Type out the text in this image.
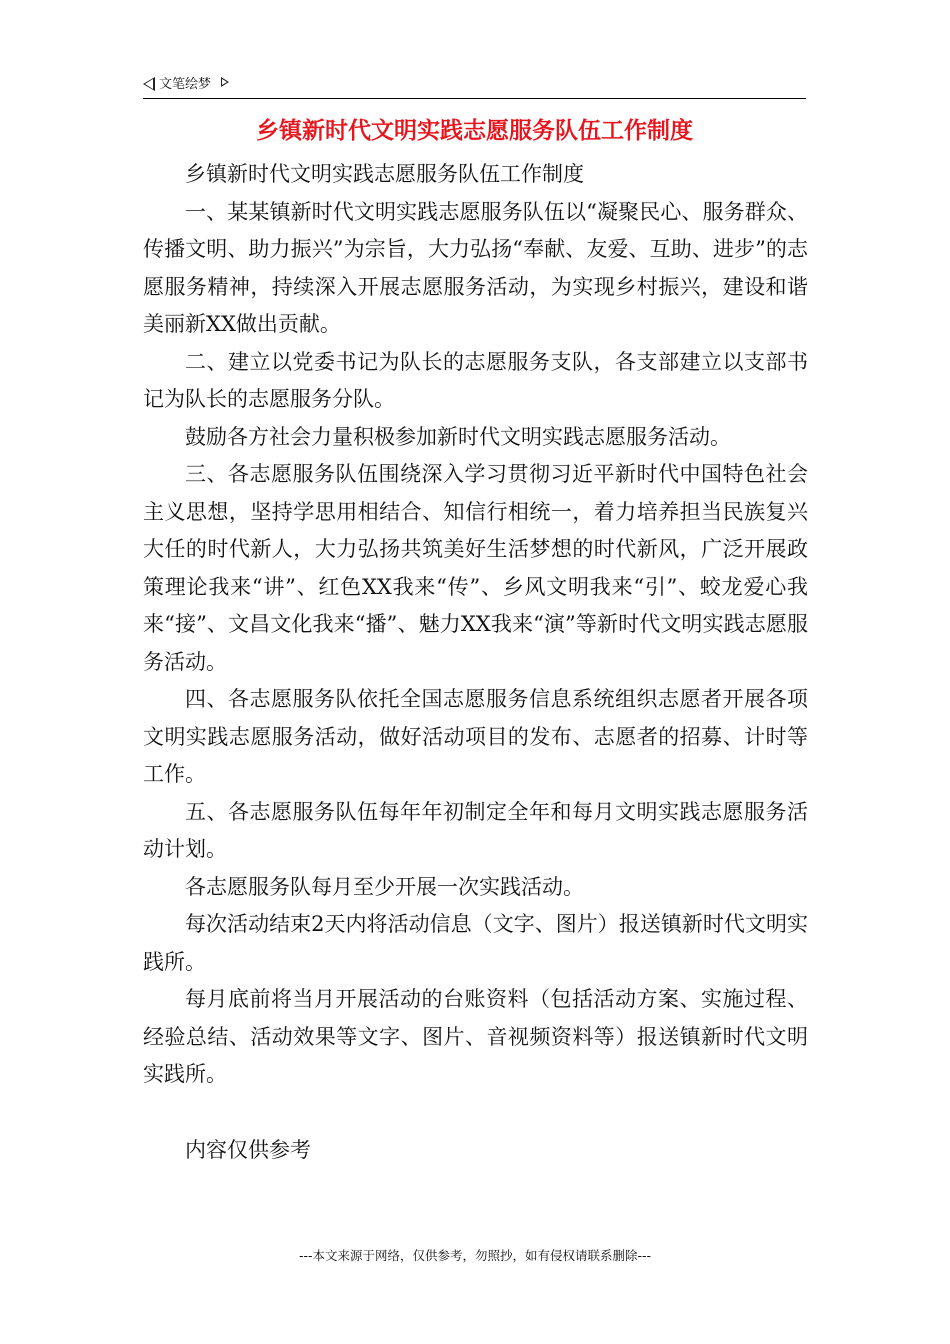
文笔绘梦
乡镇新时代文明实践志愿服务队伍工作制度

乡镇新时代文明实践志愿服务队伍工作制度

一、某某镇新时代文明实践志愿服务队伍以“凝聚民心、服务群众、传播文明、助力振兴”为宗旨，大力弘扬“奉献、友爱、互助、进步”的志愿服务精神，持续深入开展志愿服务活动，为实现乡村振兴，建设和谐美丽新XX做出贡献。

二、建立以党委书记为队长的志愿服务支队，各支部建立以支部书记为队长的志愿服务分队。

鼓励各方社会力量积极参加新时代文明实践志愿服务活动。

三、各志愿服务队伍围绕深入学习贯彻习近平新时代中国特色社会主义思想，坚持学思用相结合、知信行相统一，着力培养担当民族复兴大任的时代新人，大力弘扬共筑美好生活梦想的时代新风，广泛开展政策理论我来“讲”、红色XX我来“传”、乡风文明我来“引”、蛟龙爱心我来“接”、文昌文化我来“播”、魅力XX我来“演”等新时代文明实践志愿服务活动。

四、各志愿服务队依托全国志愿服务信息系统组织志愿者开展各项文明实践志愿服务活动，做好活动项目的发布、志愿者的招募、计时等工作。

五、各志愿服务队伍每年年初制定全年和每月文明实践志愿服务活动计划。

各志愿服务队每月至少开展一次实践活动。

每次活动结束2天内将活动信息（文字、图片）报送镇新时代文明实践所。

每月底前将当月开展活动的台账资料（包括活动方案、实施过程、经验总结、活动效果等文字、图片、音视频资料等）报送镇新时代文明实践所。

内容仅供参考

---本文来源于网络，仅供参考，勿照抄，如有侵权请联系删除---
